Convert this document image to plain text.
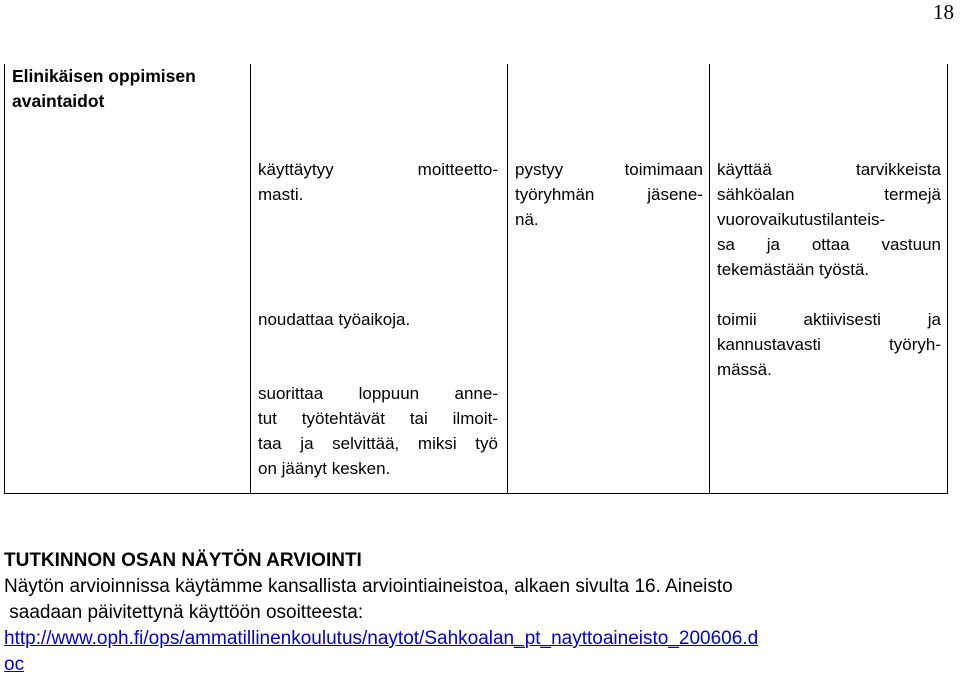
18
Elinikäisen oppimisen avaintaidot
käyttäytyy moitteetto-
masti.
noudattaa työaikoja.
suorittaa loppuun anne-
tut työtehtävät tai ilmoit-
taa ja selvittää, miksi työ
on jäänyt kesken.
pystyy toimimaan
työryhmän jäsene-
nä.
käyttää tarvikkeista
sähköalan termejä
vuorovaikutustilanteis-
sa ja ottaa vastuun
tekemästään työstä.
toimii aktiivisesti ja
kannustavasti työryh-
mässä.
TUTKINNON OSAN NÄYTÖN ARVIOINTI
Näytön arvioinnissa käytämme kansallista arviointiaineistoa, alkaen sivulta 16. Aineisto
saadaan päivitettynä käyttöön osoitteesta:
http://www.oph.fi/ops/ammatillinenkoulutus/naytot/Sahkoalan_pt_nayttoaineisto_200606.d
oc
